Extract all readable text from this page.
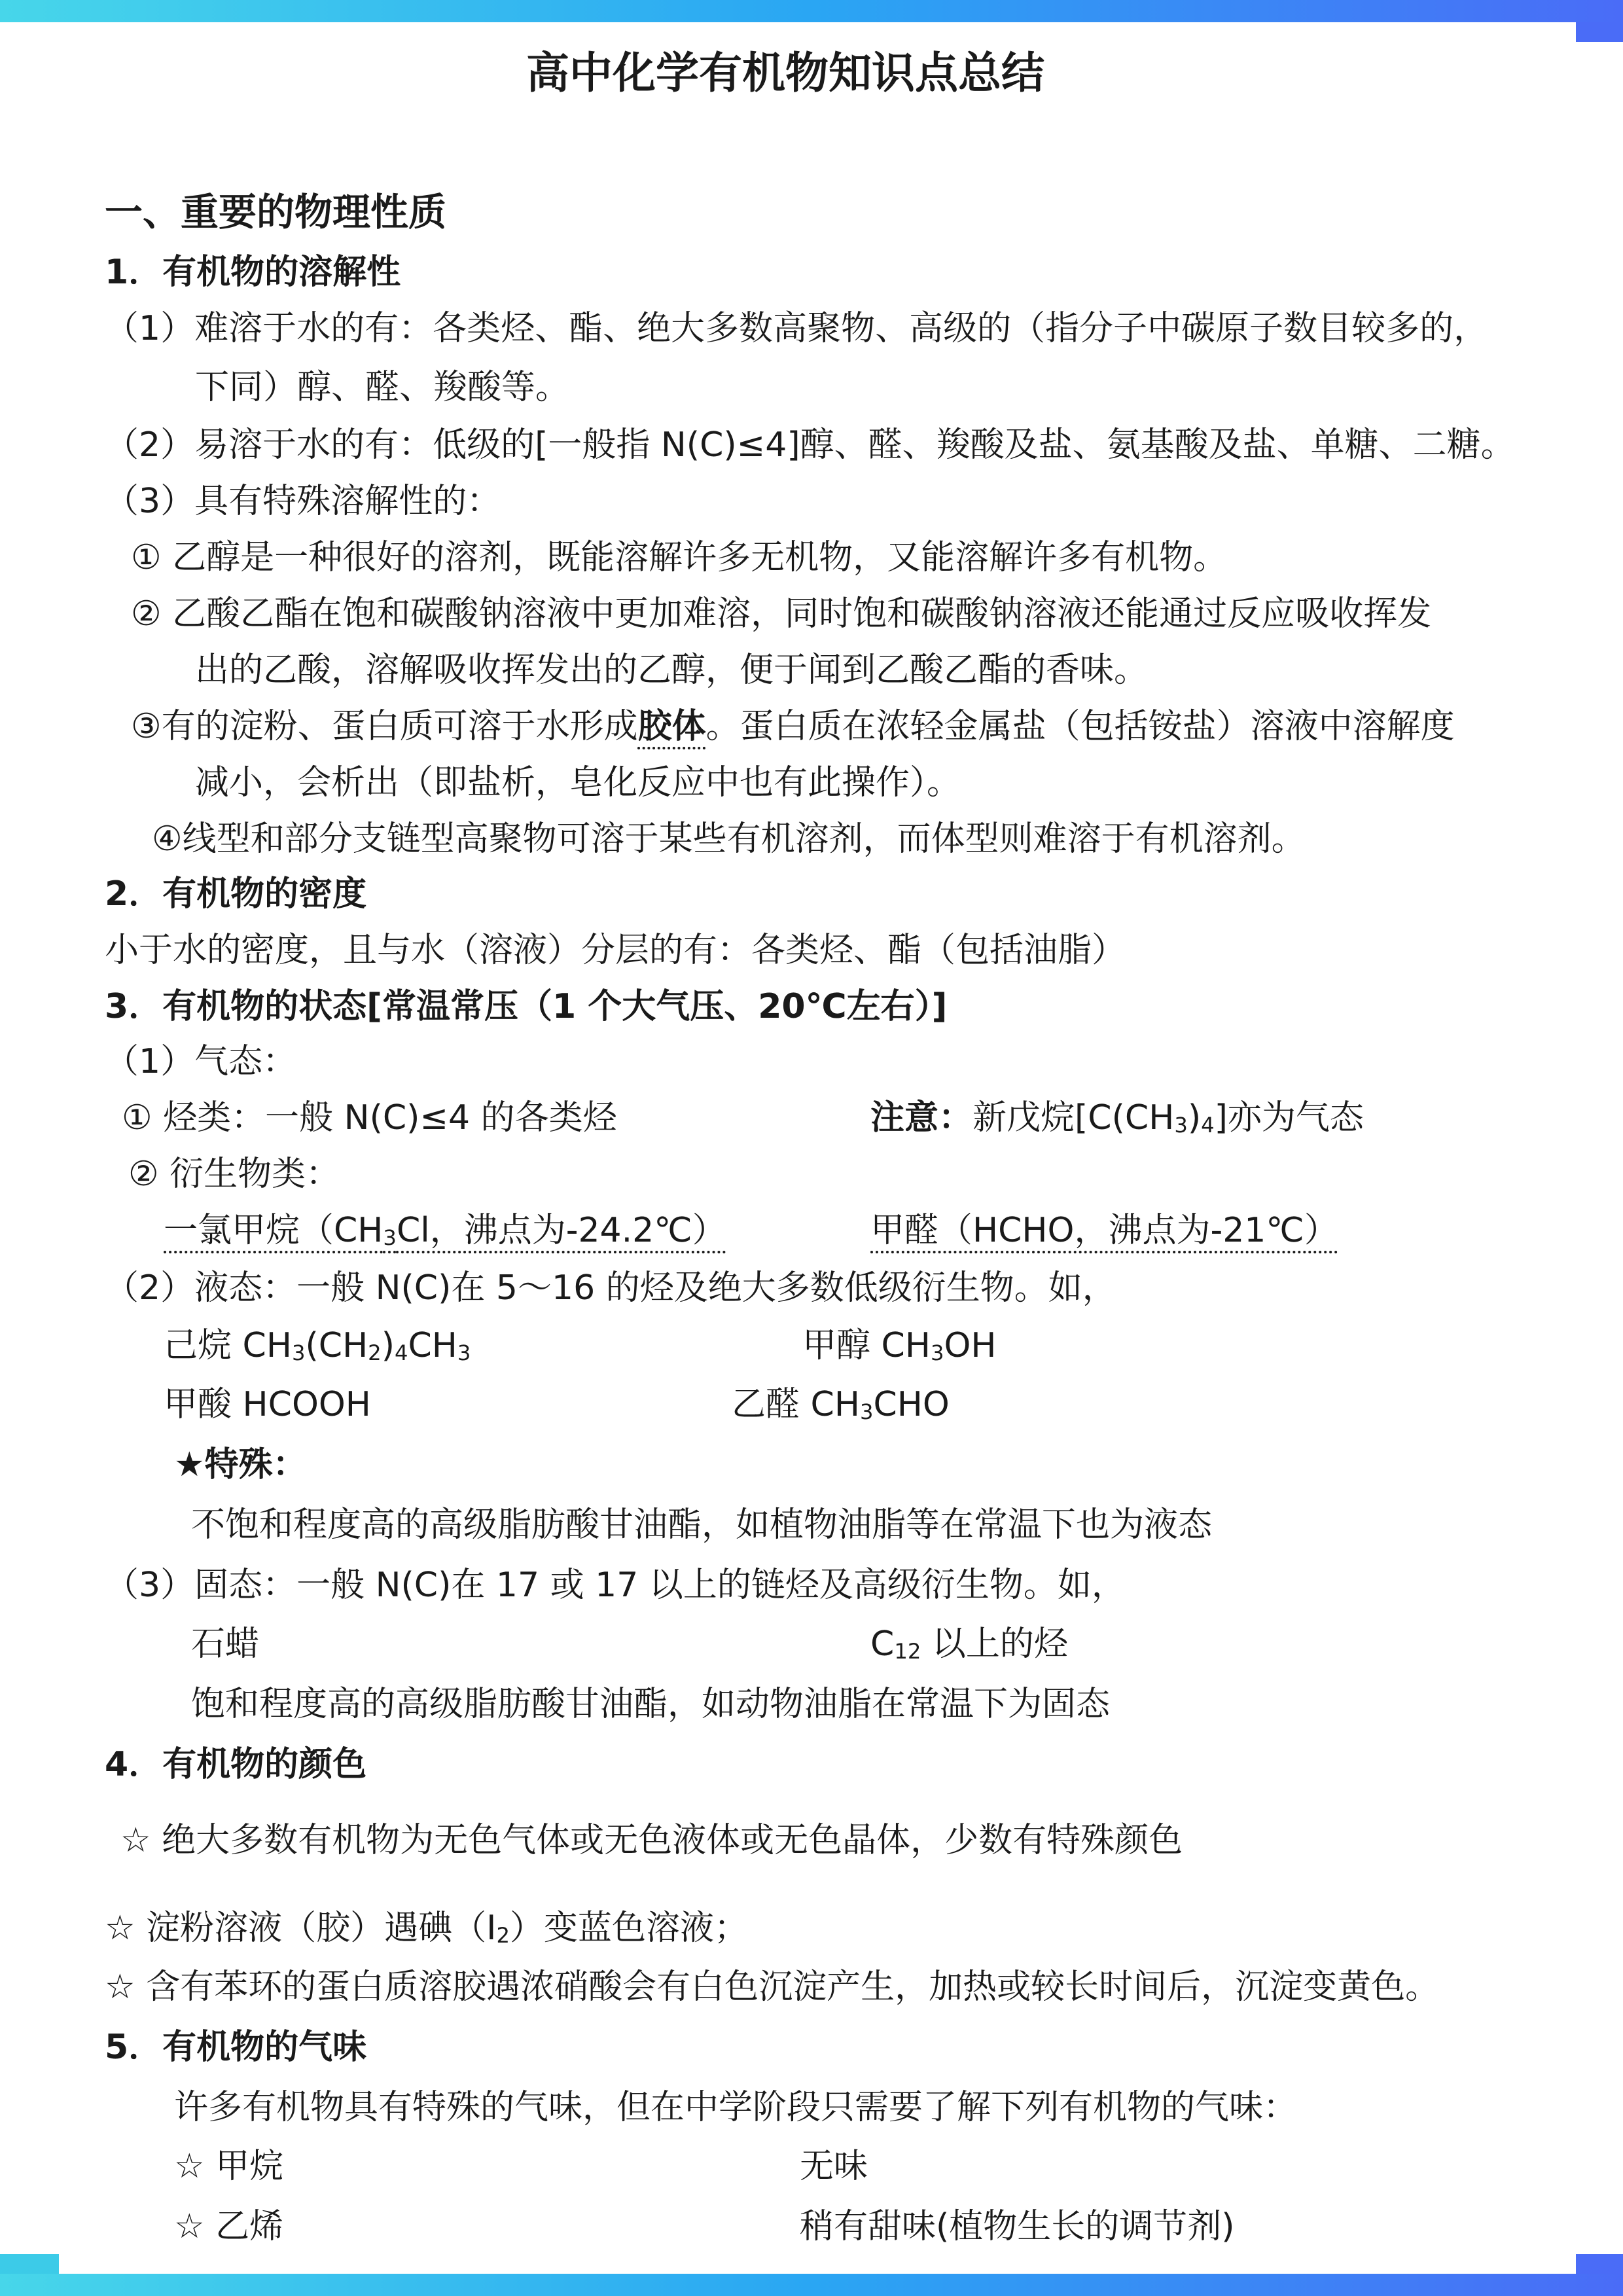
高中化学有机物知识点总结
一、重要的物理性质
1．有机物的溶解性
（1）难溶于水的有：各类烃、酯、绝大多数高聚物、高级的（指分子中碳原子数目较多的，
下同）醇、醛、羧酸等。
（2）易溶于水的有：低级的[一般指 N(C)≤4]醇、醛、羧酸及盐、氨基酸及盐、单糖、二糖。
（3）具有特殊溶解性的：
① 乙醇是一种很好的溶剂，既能溶解许多无机物，又能溶解许多有机物。
② 乙酸乙酯在饱和碳酸钠溶液中更加难溶，同时饱和碳酸钠溶液还能通过反应吸收挥发
出的乙酸，溶解吸收挥发出的乙醇，便于闻到乙酸乙酯的香味。
③有的淀粉、蛋白质可溶于水形成胶体。蛋白质在浓轻金属盐（包括铵盐）溶液中溶解度
减小，会析出（即盐析，皂化反应中也有此操作）。
④线型和部分支链型高聚物可溶于某些有机溶剂，而体型则难溶于有机溶剂。
2．有机物的密度
小于水的密度，且与水（溶液）分层的有：各类烃、酯（包括油脂）
3．有机物的状态[常温常压（1 个大气压、20℃左右）]
（1）气态：
① 烃类：一般 N(C)≤4 的各类烃	注意：新戊烷$[C(CH_3)_4]$亦为气态
② 衍生物类：
一氯甲烷（$CH_3Cl$，沸点为-24.2℃）	甲醛（HCHO，沸点为-21℃）
（2）液态：一般 N(C)在 5～16 的烃及绝大多数低级衍生物。如，
己烷 $CH_3(CH_2)_4CH_3$	甲醇 $CH_3OH$
甲酸 HCOOH	乙醛 $CH_3CHO$
★特殊：
不饱和程度高的高级脂肪酸甘油酯，如植物油脂等在常温下也为液态
（3）固态：一般 N(C)在 17 或 17 以上的链烃及高级衍生物。如，
石蜡	$C_{12}$ 以上的烃
饱和程度高的高级脂肪酸甘油酯，如动物油脂在常温下为固态
4．有机物的颜色
☆ 绝大多数有机物为无色气体或无色液体或无色晶体，少数有特殊颜色
☆ 淀粉溶液（胶）遇碘$(I_2)$变蓝色溶液；
☆ 含有苯环的蛋白质溶胶遇浓硝酸会有白色沉淀产生，加热或较长时间后，沉淀变黄色。
5．有机物的气味
许多有机物具有特殊的气味，但在中学阶段只需要了解下列有机物的气味：
☆ 甲烷	无味
☆ 乙烯	稍有甜味(植物生长的调节剂)
